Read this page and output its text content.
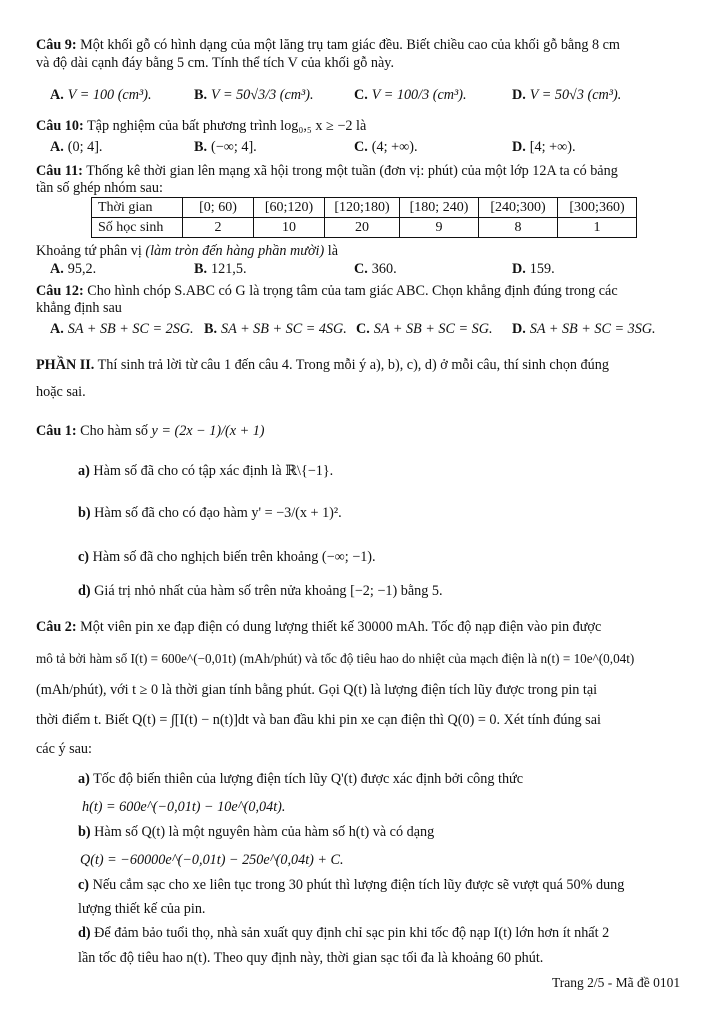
Câu 9: Một khối gỗ có hình dạng của một lăng trụ tam giác đều. Biết chiều cao của khối gỗ bằng 8 cm
và độ dài cạnh đáy bằng 5 cm. Tính thể tích V của khối gỗ này.
A. V = 100 (cm³).	B. V = 50√3/3 (cm³).	C. V = 100/3 (cm³).	D. V = 50√3 (cm³).
Câu 10: Tập nghiệm của bất phương trình log₀,₅ x ≥ −2 là
A. (0; 4].	B. (−∞; 4].	C. (4; +∞).	D. [4; +∞).
Câu 11: Thống kê thời gian lên mạng xã hội trong một tuần (đơn vị: phút) của một lớp 12A ta có bảng
tần số ghép nhóm sau:
Thời gian	[0; 60)	[60;120)	[120;180)	[180; 240)	[240;300)	[300;360)
Số học sinh	2	10	20	9	8	1
Khoảng tứ phân vị (làm tròn đến hàng phần mười) là
A. 95,2.	B. 121,5.	C. 360.	D. 159.
Câu 12: Cho hình chóp S.ABC có G là trọng tâm của tam giác ABC. Chọn khẳng định đúng trong các
khẳng định sau
A. SA + SB + SC = 2SG. B. SA + SB + SC = 4SG. C. SA + SB + SC = SG. D. SA + SB + SC = 3SG.
PHẦN II. Thí sinh trả lời từ câu 1 đến câu 4. Trong mỗi ý a), b), c), d) ở mỗi câu, thí sinh chọn đúng
hoặc sai.
Câu 1: Cho hàm số y = (2x − 1)/(x + 1)
a) Hàm số đã cho có tập xác định là ℝ\{−1}.
b) Hàm số đã cho có đạo hàm y' = −3/(x + 1)².
c) Hàm số đã cho nghịch biến trên khoảng (−∞; −1).
d) Giá trị nhỏ nhất của hàm số trên nửa khoảng [−2; −1) bằng 5.
Câu 2: Một viên pin xe đạp điện có dung lượng thiết kế 30000 mAh. Tốc độ nạp điện vào pin được
mô tả bởi hàm số I(t) = 600e^(−0,01t) (mAh/phút) và tốc độ tiêu hao do nhiệt của mạch điện là n(t) = 10e^(0,04t)
(mAh/phút), với t ≥ 0 là thời gian tính bằng phút. Gọi Q(t) là lượng điện tích lũy được trong pin tại
thời điểm t. Biết Q(t) = ∫[I(t) − n(t)]dt và ban đầu khi pin xe cạn điện thì Q(0) = 0. Xét tính đúng sai
các ý sau:
a) Tốc độ biến thiên của lượng điện tích lũy Q'(t) được xác định bởi công thức
h(t) = 600e^(−0,01t) − 10e^(0,04t).
b) Hàm số Q(t) là một nguyên hàm của hàm số h(t) và có dạng
Q(t) = −60000e^(−0,01t) − 250e^(0,04t) + C.
c) Nếu cắm sạc cho xe liên tục trong 30 phút thì lượng điện tích lũy được sẽ vượt quá 50% dung
lượng thiết kế của pin.
d) Để đảm bảo tuổi thọ, nhà sản xuất quy định chỉ sạc pin khi tốc độ nạp I(t) lớn hơn ít nhất 2
lần tốc độ tiêu hao n(t). Theo quy định này, thời gian sạc tối đa là khoảng 60 phút.
Trang 2/5 - Mã đề 0101
